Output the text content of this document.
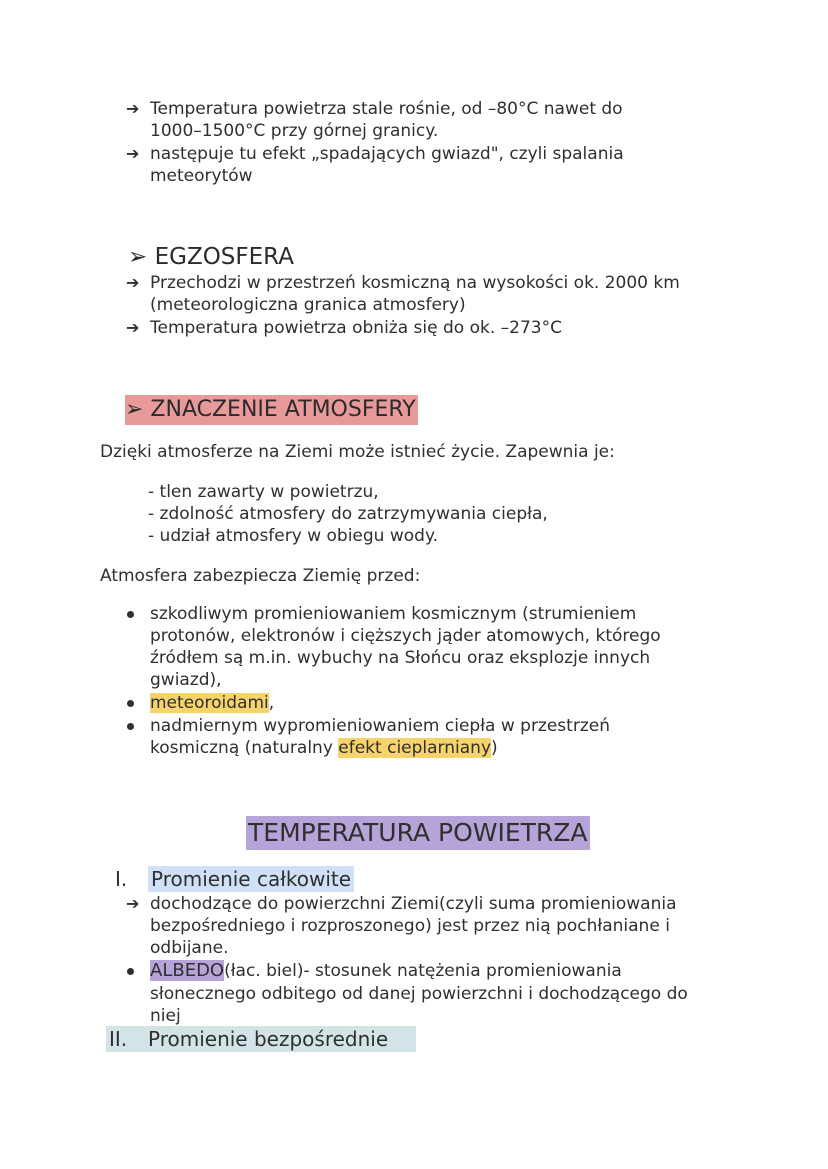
➔ Temperatura powietrza stale rośnie, od –80°C nawet do
1000–1500°C przy górnej granicy.
➔ następuje tu efekt „spadających gwiazd", czyli spalania
meteorytów
➢ EGZOSFERA
➔ Przechodzi w przestrzeń kosmiczną na wysokości ok. 2000 km
(meteorologiczna granica atmosfery)
➔ Temperatura powietrza obniża się do ok. –273°C
➢ ZNACZENIE ATMOSFERY
Dzięki atmosferze na Ziemi może istnieć życie. Zapewnia je:
- tlen zawarty w powietrzu,
- zdolność atmosfery do zatrzymywania ciepła,
- udział atmosfery w obiegu wody.
Atmosfera zabezpiecza Ziemię przed:
szkodliwym promieniowaniem kosmicznym (strumieniem
protonów, elektronów i cięższych jąder atomowych, którego
źródłem są m.in. wybuchy na Słońcu oraz eksplozje innych
gwiazd),
meteoroidami,
nadmiernym wypromieniowaniem ciepła w przestrzeń
kosmiczną (naturalny efekt cieplarniany)
TEMPERATURA POWIETRZA
I. Promienie całkowite
➔ dochodzące do powierzchni Ziemi(czyli suma promieniowania
bezpośredniego i rozproszonego) jest przez nią pochłaniane i
odbijane.
ALBEDO(łac. biel)- stosunek natężenia promieniowania
słonecznego odbitego od danej powierzchni i dochodzącego do
niej
II. Promienie bezpośrednie
